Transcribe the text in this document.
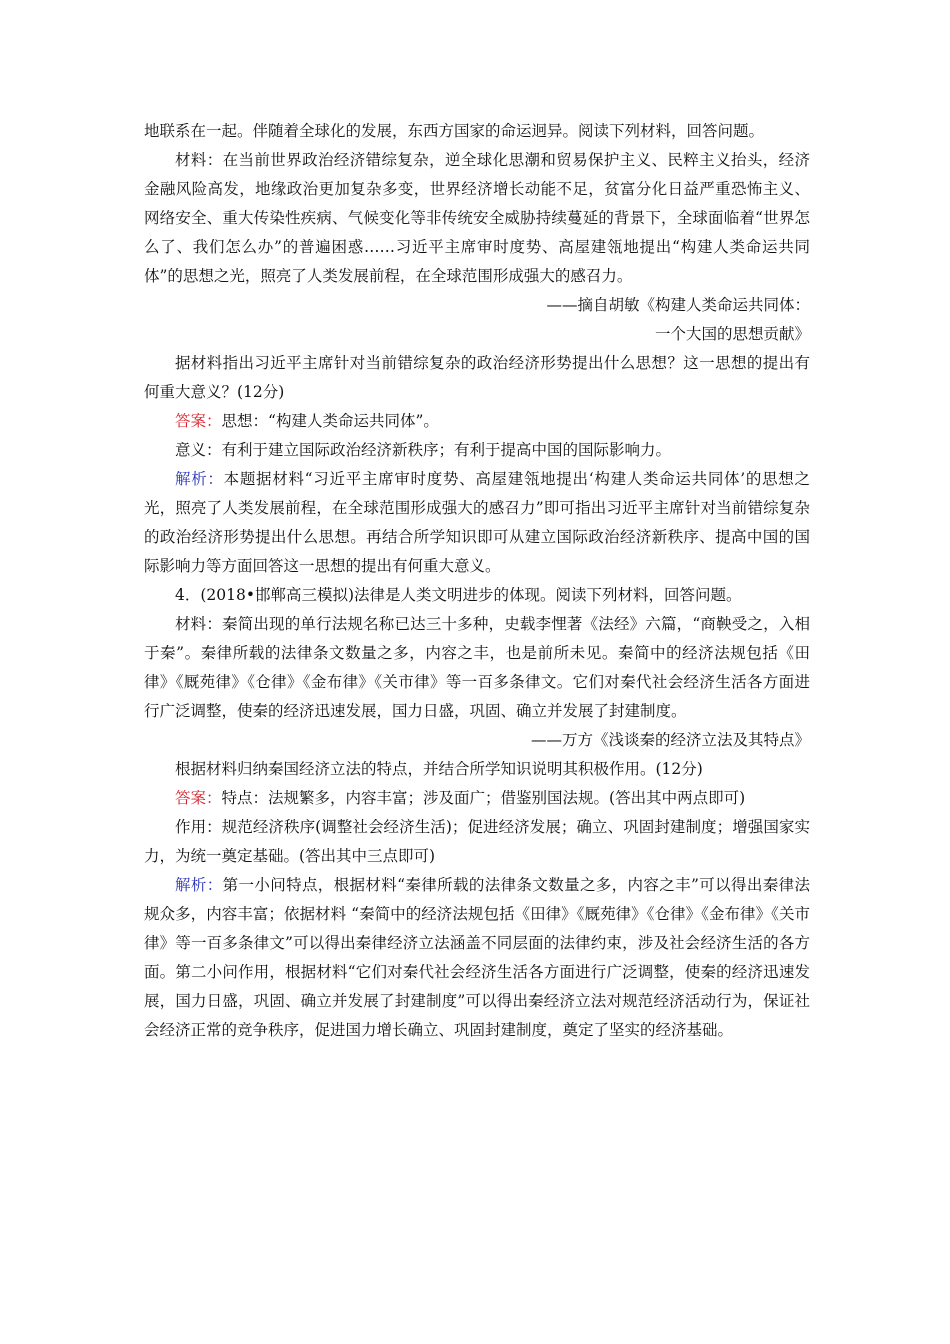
地联系在一起。伴随着全球化的发展，东西方国家的命运迥异。阅读下列材料，回答问题。

材料：在当前世界政治经济错综复杂，逆全球化思潮和贸易保护主义、民粹主义抬头，经济金融风险高发，地缘政治更加复杂多变，世界经济增长动能不足，贫富分化日益严重恐怖主义、网络安全、重大传染性疾病、气候变化等非传统安全威胁持续蔓延的背景下，全球面临着“世界怎么了、我们怎么办”的普遍困惑……习近平主席审时度势、高屋建瓴地提出“构建人类命运共同体”的思想之光，照亮了人类发展前程，在全球范围形成强大的感召力。

——摘自胡敏《构建人类命运共同体：

一个大国的思想贡献》

据材料指出习近平主席针对当前错综复杂的政治经济形势提出什么思想？这一思想的提出有何重大意义？(12分)

答案：思想：“构建人类命运共同体”。

意义：有利于建立国际政治经济新秩序；有利于提高中国的国际影响力。

解析：本题据材料“习近平主席审时度势、高屋建瓴地提出‘构建人类命运共同体’的思想之光，照亮了人类发展前程，在全球范围形成强大的感召力”即可指出习近平主席针对当前错综复杂的政治经济形势提出什么思想。再结合所学知识即可从建立国际政治经济新秩序、提高中国的国际影响力等方面回答这一思想的提出有何重大意义。

4．(2018•邯郸高三模拟)法律是人类文明进步的体现。阅读下列材料，回答问题。

材料：秦简出现的单行法规名称已达三十多种，史载李悝著《法经》六篇，“商鞅受之，入相于秦”。秦律所载的法律条文数量之多，内容之丰，也是前所未见。秦简中的经济法规包括《田律》《厩苑律》《仓律》《金布律》《关市律》等一百多条律文。它们对秦代社会经济生活各方面进行广泛调整，使秦的经济迅速发展，国力日盛，巩固、确立并发展了封建制度。

——万方《浅谈秦的经济立法及其特点》

根据材料归纳秦国经济立法的特点，并结合所学知识说明其积极作用。(12分)

答案：特点：法规繁多，内容丰富；涉及面广；借鉴别国法规。(答出其中两点即可)

作用：规范经济秩序(调整社会经济生活)；促进经济发展；确立、巩固封建制度；增强国家实力，为统一奠定基础。(答出其中三点即可)

解析：第一小问特点，根据材料“秦律所载的法律条文数量之多，内容之丰”可以得出秦律法规众多，内容丰富；依据材料 “秦简中的经济法规包括《田律》《厩苑律》《仓律》《金布律》《关市律》等一百多条律文”可以得出秦律经济立法涵盖不同层面的法律约束，涉及社会经济生活的各方面。第二小问作用，根据材料“它们对秦代社会经济生活各方面进行广泛调整，使秦的经济迅速发展，国力日盛，巩固、确立并发展了封建制度”可以得出秦经济立法对规范经济活动行为，保证社会经济正常的竞争秩序，促进国力增长确立、巩固封建制度，奠定了坚实的经济基础。
